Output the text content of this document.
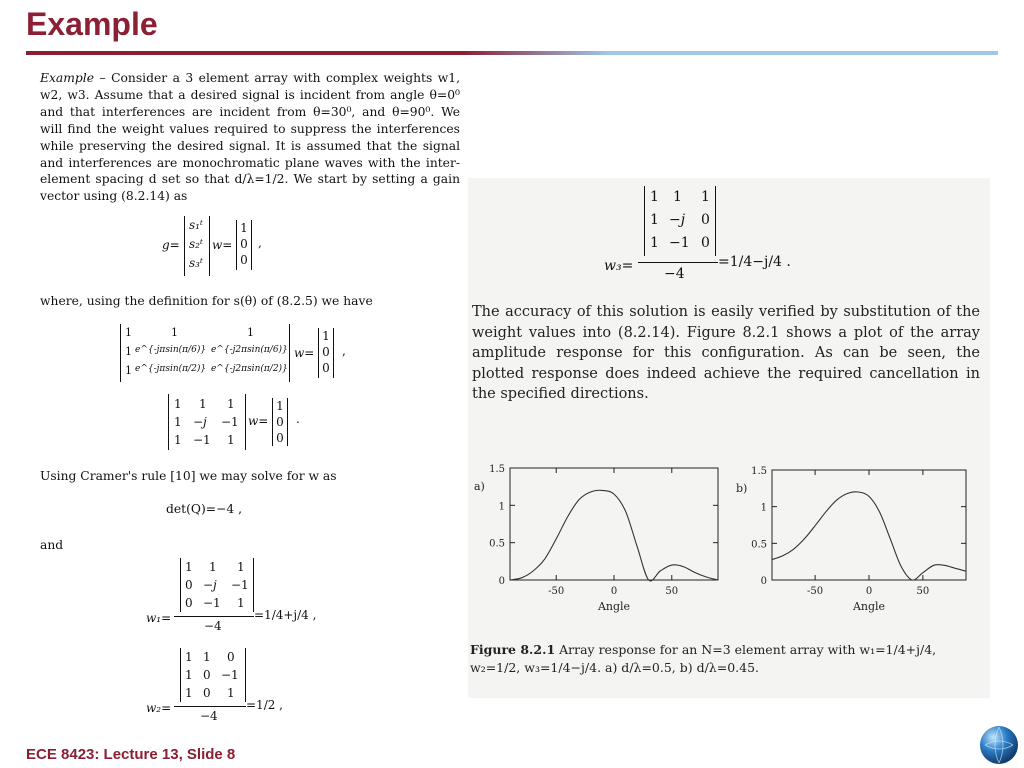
Example
Example – Consider a 3 element array with complex weights w1, w2, w3. Assume that a desired signal is incident from angle θ=0⁰ and that interferences are incident from θ=30⁰, and θ=90⁰. We will find the weight values required to suppress the interferences while preserving the desired signal. It is assumed that the signal and interferences are monochromatic plane waves with the inter-element spacing d set so that d/λ=1/2. We start by setting a gain vector using (8.2.14) as
g=
s₁ᵗ
s₂ᵗ
s₃ᵗ
w=
1
0
0
,
where, using the definition for s(θ) of (8.2.5) we have
1	1	1
1 e^{-jπsin(π/6)} e^{-j2πsin(π/6)}
1 e^{-jπsin(π/2)} e^{-j2πsin(π/2)}
w=
1
0
0
,
1 1 1
1 −j −1
1 −1 1
w=
1
0
0
.
Using Cramer's rule [10] we may solve for w as
det(Q)=−4 ,
and
w₁=
1 1 1
0 −j −1
0 −1 1
−4
=1/4+j/4 ,
w₂=
1 1 0
1 0 −1
1 0 1
−4
=1/2 ,
w₃=
1 1 1
1 −j 0
1 −1 0
−4
=1/4−j/4 .
The accuracy of this solution is easily verified by substitution of the weight values into (8.2.14). Figure 8.2.1 shows a plot of the array amplitude response for this configuration. As can be seen, the plotted response does indeed achieve the required cancellation in the specified directions.
0
0.5
1
1.5
-50	0	50
Angle
a)
0
0.5
1
1.5
-50	0	50
Angle
b)
Figure 8.2.1 Array response for an N=3 element array with w₁=1/4+j/4, w₂=1/2, w₃=1/4−j/4. a) d/λ=0.5, b) d/λ=0.45.
ECE 8423: Lecture 13, Slide 8
